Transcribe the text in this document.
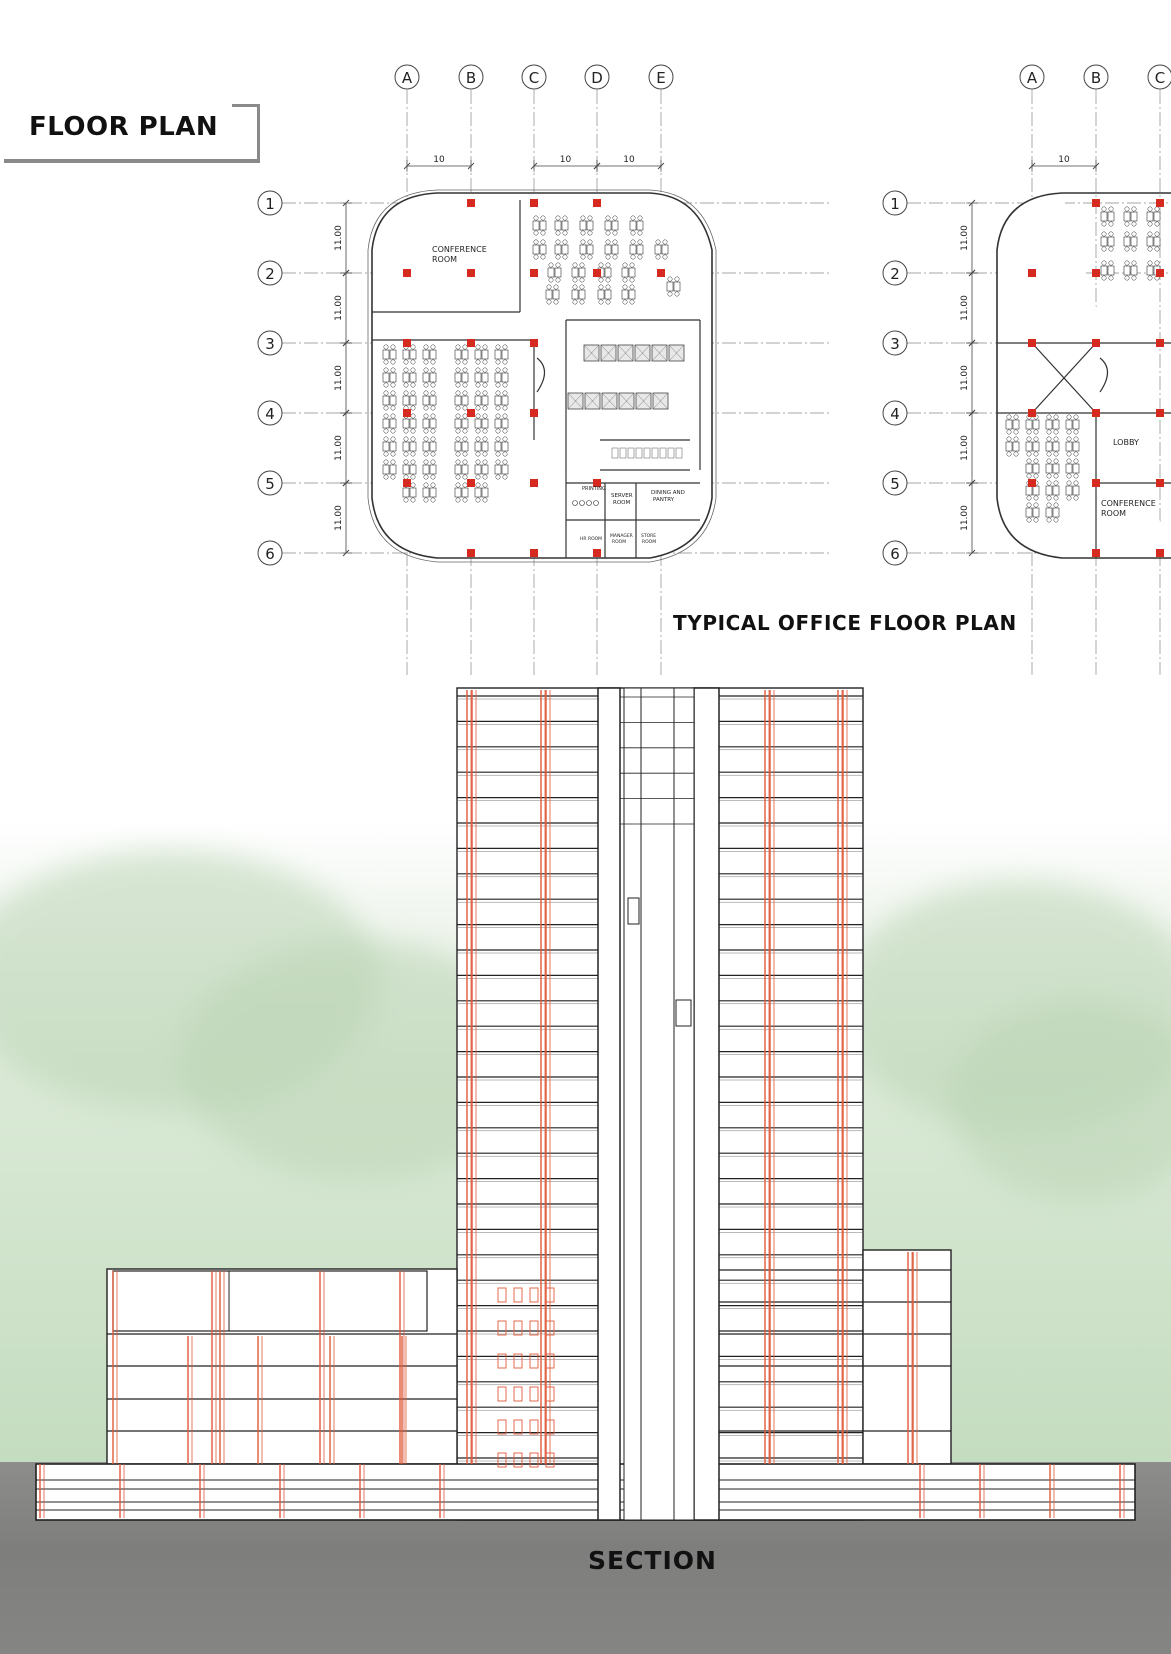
FLOOR PLAN
10	10	10	10
11.00	11.00
11.00	11.00
11.00	11.00
11.00	11.00
11.00	11.00
CONFERENCE
ROOM
PRINTING
SERVER
ROOM
DINING AND
PANTRY
HR ROOM
MANAGER
ROOM
STORE
ROOM
LOBBY
CONFERENCE
ROOM
A	B	C	D	E	A	B	C
1
2
3
4
5
6
1
2
3
4
5
6
TYPICAL OFFICE FLOOR PLAN
SECTION
